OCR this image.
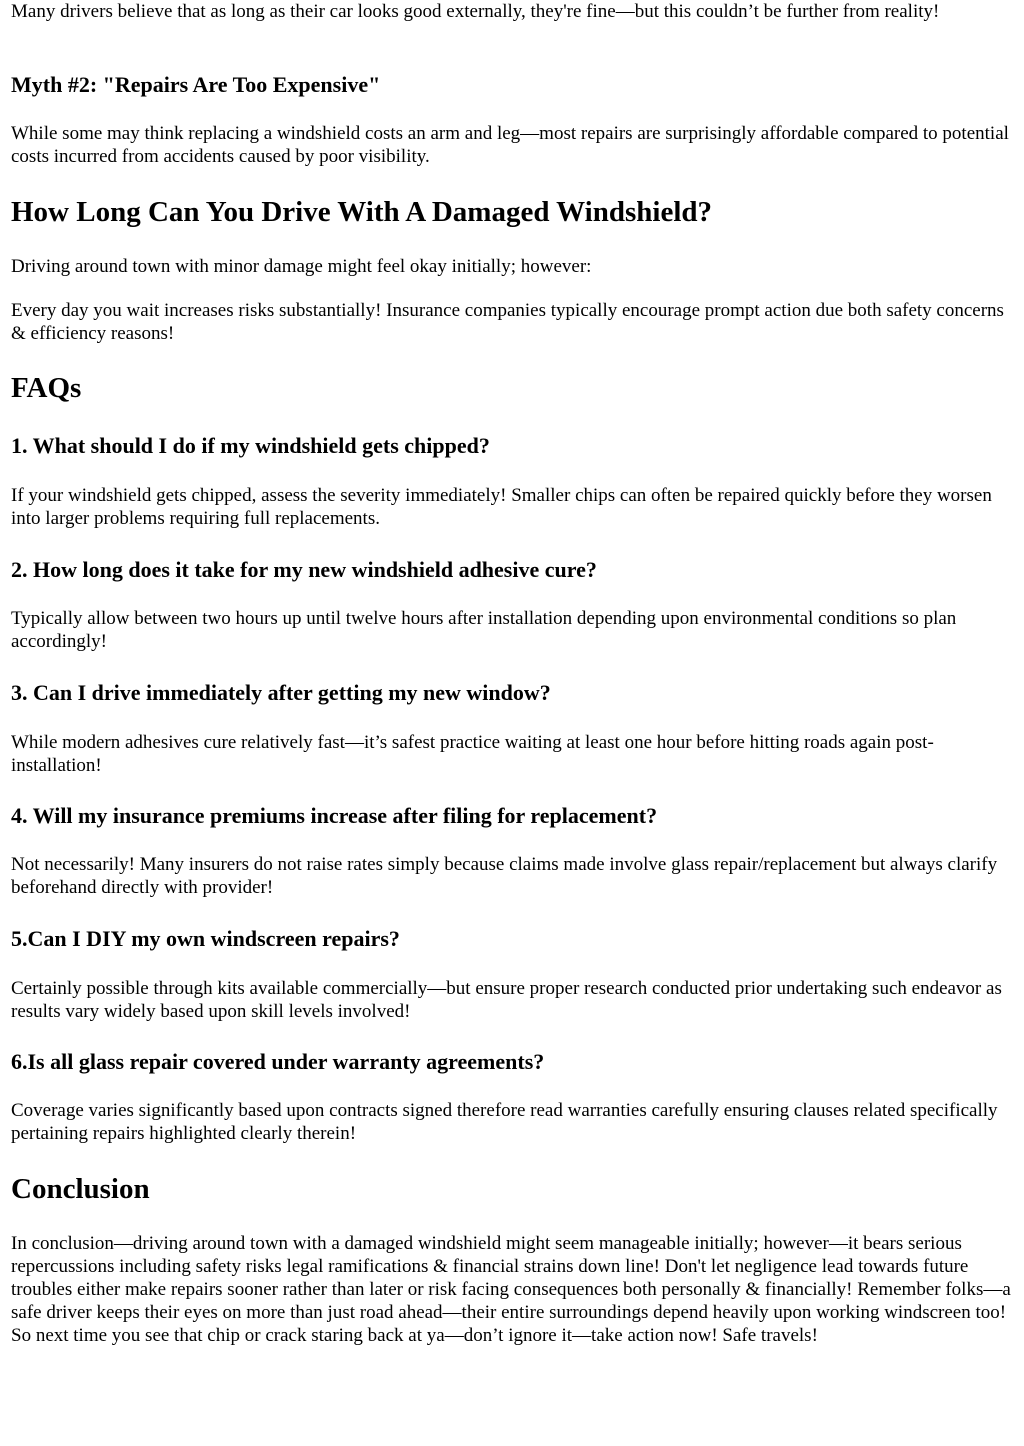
Many drivers believe that as long as their car looks good externally, they're fine—but this couldn’t be further from reality!

Myth #2: "Repairs Are Too Expensive"

While some may think replacing a windshield costs an arm and leg—most repairs are surprisingly affordable compared to potential costs incurred from accidents caused by poor visibility.

How Long Can You Drive With A Damaged Windshield?

Driving around town with minor damage might feel okay initially; however:

Every day you wait increases risks substantially! Insurance companies typically encourage prompt action due both safety concerns & efficiency reasons!

FAQs
1. What should I do if my windshield gets chipped?

If your windshield gets chipped, assess the severity immediately! Smaller chips can often be repaired quickly before they worsen into larger problems requiring full replacements.

2. How long does it take for my new windshield adhesive cure?

Typically allow between two hours up until twelve hours after installation depending upon environmental conditions so plan accordingly!

3. Can I drive immediately after getting my new window?

While modern adhesives cure relatively fast—it’s safest practice waiting at least one hour before hitting roads again post-installation!

4. Will my insurance premiums increase after filing for replacement?

Not necessarily! Many insurers do not raise rates simply because claims made involve glass repair/replacement but always clarify beforehand directly with provider!

5.Can I DIY my own windscreen repairs?

Certainly possible through kits available commercially—but ensure proper research conducted prior undertaking such endeavor as results vary widely based upon skill levels involved!

6.Is all glass repair covered under warranty agreements?

Coverage varies significantly based upon contracts signed therefore read warranties carefully ensuring clauses related specifically pertaining repairs highlighted clearly therein!

Conclusion

In conclusion—driving around town with a damaged windshield might seem manageable initially; however—it bears serious repercussions including safety risks legal ramifications & financial strains down line! Don't let negligence lead towards future troubles either make repairs sooner rather than later or risk facing consequences both personally & financially! Remember folks—a safe driver keeps their eyes on more than just road ahead—their entire surroundings depend heavily upon working windscreen too! So next time you see that chip or crack staring back at ya—don’t ignore it—take action now! Safe travels!
